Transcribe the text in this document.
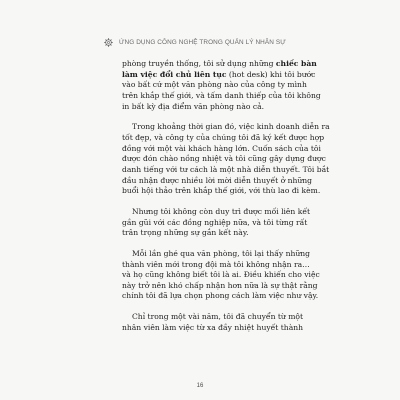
ỨNG DỤNG CÔNG NGHỆ TRONG QUẢN LÝ NHÂN SỰ
phòng truyền thống, tôi sử dụng những chiếc bàn
làm việc đổi chủ liên tục (hot desk) khi tôi bước
vào bất cứ một văn phòng nào của công ty mình
trên khắp thế giới, và tấm danh thiếp của tôi không
in bất kỳ địa điểm văn phòng nào cả.
Trong khoảng thời gian đó, việc kinh doanh diễn ra
tốt đẹp, và công ty của chúng tôi đã ký kết được hợp
đồng với một vài khách hàng lớn. Cuốn sách của tôi
được đón chào nồng nhiệt và tôi cũng gây dựng được
danh tiếng với tư cách là một nhà diễn thuyết. Tôi bắt
đầu nhận được nhiều lời mời diễn thuyết ở những
buổi hội thảo trên khắp thế giới, với thù lao đi kèm.
Nhưng tôi không còn duy trì được mối liên kết
gần gũi với các đồng nghiệp nữa, và tôi từng rất
trân trọng những sự gắn kết này.
Mỗi lần ghé qua văn phòng, tôi lại thấy những
thành viên mới trong đội mà tôi không nhận ra…
và họ cũng không biết tôi là ai. Điều khiến cho việc
này trở nên khó chấp nhận hơn nữa là sự thật rằng
chính tôi đã lựa chọn phong cách làm việc như vậy.
Chỉ trong một vài năm, tôi đã chuyển từ một
nhân viên làm việc từ xa đầy nhiệt huyết thành
16
